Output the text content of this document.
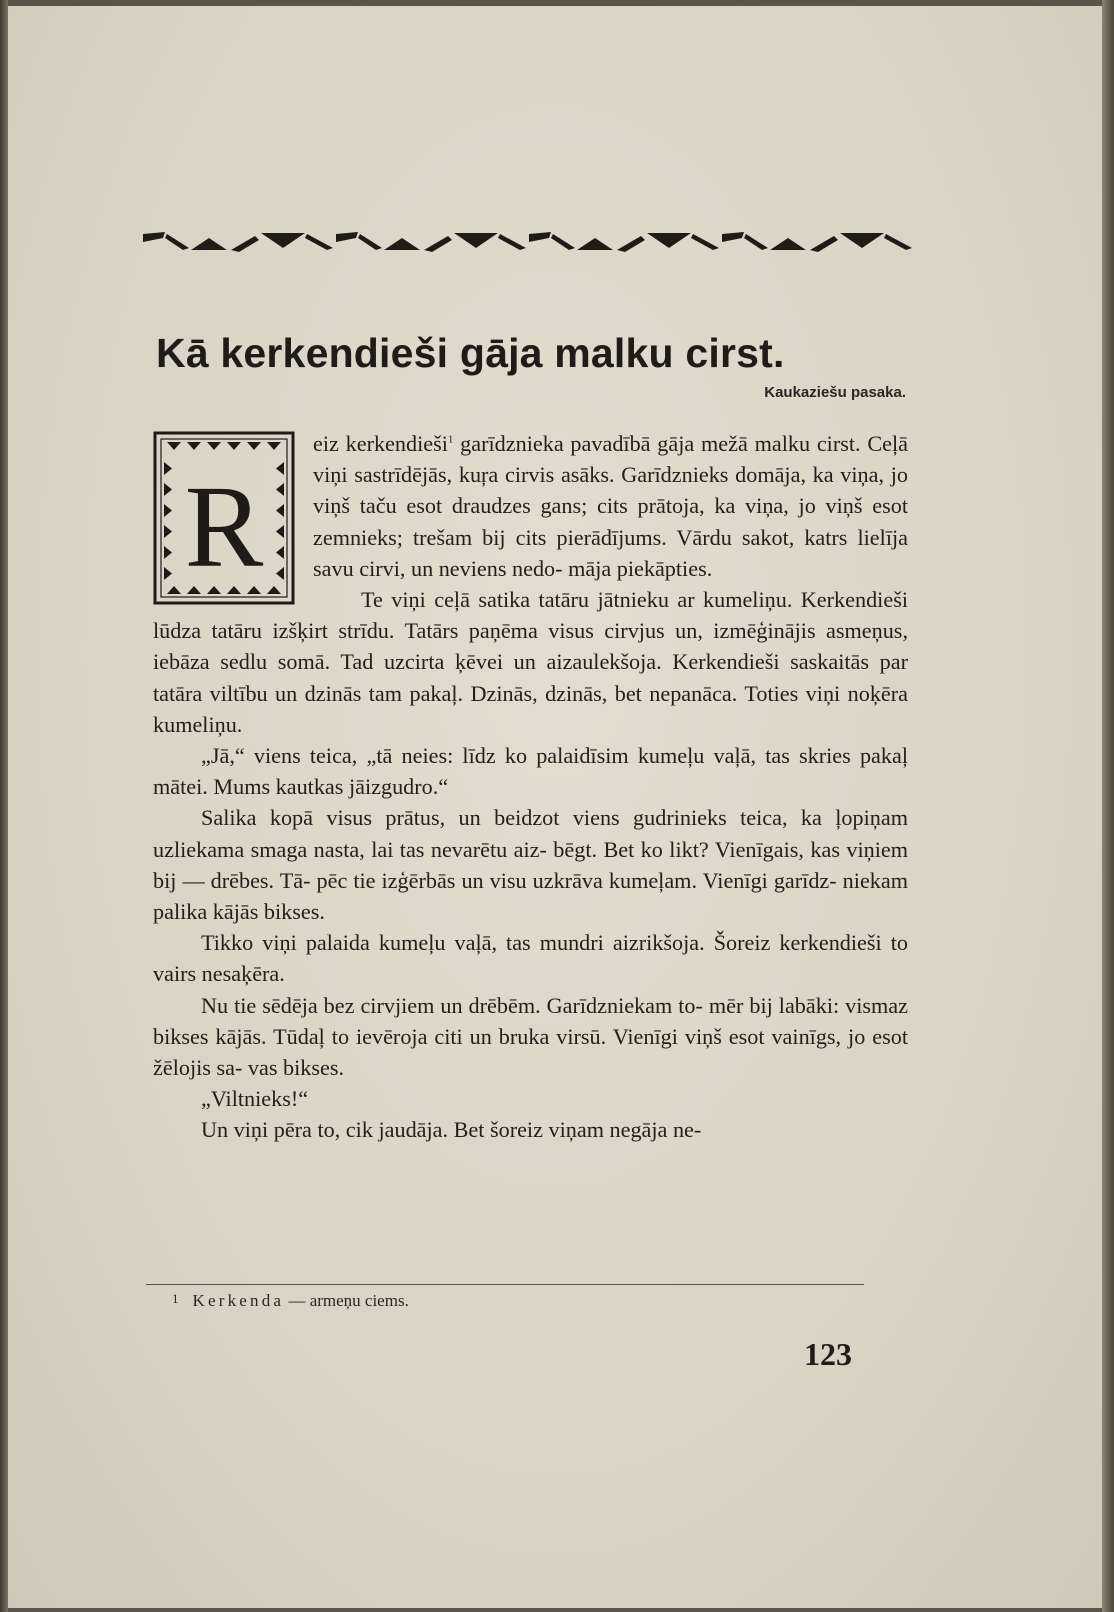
Kā kerkendieši gāja malku cirst.
Kaukaziešu pasaka.
R

eiz kerkendieši$^1$ garīdznieka pavadībā gāja mežā malku cirst. Ceļā viņi sastrīdējās, kuŗa cirvis asāks. Garīdznieks domāja, ka viņa, jo viņš taču esot draudzes gans; cits prātoja, ka viņa, jo viņš esot zemnieks; trešam bij cits pierādījums. Vārdu sakot, katrs lielīja savu cirvi, un neviens nedo- māja piekāpties.

Te viņi ceļā satika tatāru jātnieku ar kumeliņu. Kerkendieši lūdza tatāru izšķirt strīdu. Tatārs paņēma visus cirvjus un, izmēģinājis asmeņus, iebāza sedlu somā. Tad uzcirta ķēvei un aizaulekšoja. Kerkendieši saskaitās par tatāra viltību un dzinās tam pakaļ. Dzinās, dzinās, bet nepanāca. Toties viņi noķēra kumeliņu.

„Jā,“ viens teica, „tā neies: līdz ko palaidīsim kumeļu vaļā, tas skries pakaļ mātei. Mums kautkas jāizgudro.“

Salika kopā visus prātus, un beidzot viens gudrinieks teica, ka ļopiņam uzliekama smaga nasta, lai tas nevarētu aiz- bēgt. Bet ko likt? Vienīgais, kas viņiem bij — drēbes. Tā- pēc tie izģērbās un visu uzkrāva kumeļam. Vienīgi garīdz- niekam palika kājās bikses.

Tikko viņi palaida kumeļu vaļā, tas mundri aizrikšoja. Šoreiz kerkendieši to vairs nesaķēra.

Nu tie sēdēja bez cirvjiem un drēbēm. Garīdzniekam to- mēr bij labāki: vismaz bikses kājās. Tūdaļ to ievēroja citi un bruka virsū. Vienīgi viņš esot vainīgs, jo esot žēlojis sa- vas bikses.

„Viltnieks!“

Un viņi pēra to, cik jaudāja. Bet šoreiz viņam negāja ne-

1 Kerkenda — armeņu ciems.
123
